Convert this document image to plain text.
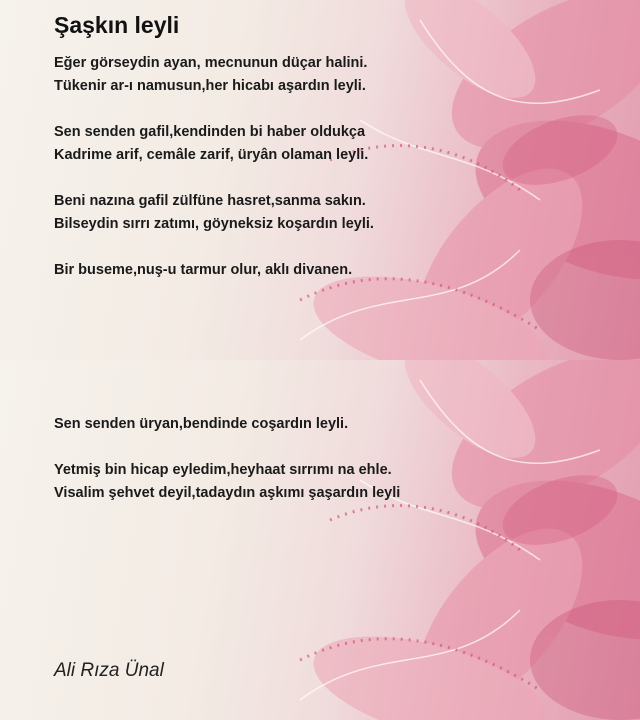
Şaşkın leyli
Eğer görseydin ayan, mecnunun düçar halini.
Tükenir ar-ı namusun,her hicabı aşardın leyli.

Sen senden gafil,kendinden bi haber oldukça
Kadrime arif, cemâle zarif, üryân olaman leyli.

Beni nazına gafil zülfüne hasret,sanma sakın.
Bilseydin sırrı zatımı, göyneksiz koşardın leyli.

Bir buseme,nuş-u tarmur olur, aklı divanen.
Sen senden üryan,bendinde coşardın leyli.

Yetmiş bin hicap eyledim,heyhaat sırrımı na ehle.
Visalim şehvet deyil,tadaydın aşkımı şaşardın leyli

Ali Rıza Ünal
